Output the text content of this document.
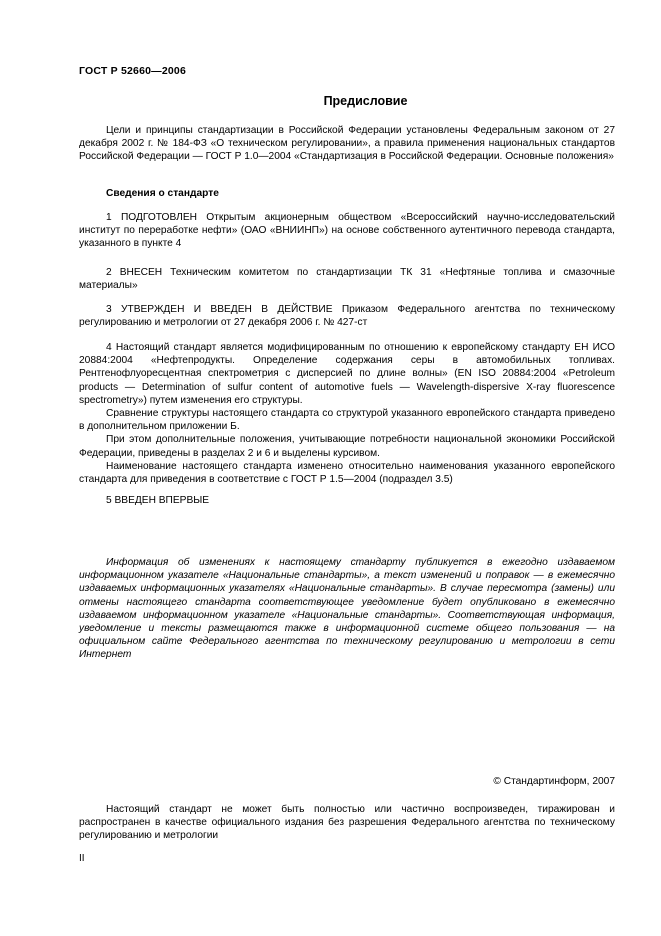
ГОСТ Р 52660—2006
Предисловие

Цели и принципы стандартизации в Российской Федерации установлены Федеральным законом от 27 декабря 2002 г. № 184-ФЗ «О техническом регулировании», а правила применения национальных стандартов Российской Федерации — ГОСТ Р 1.0—2004 «Стандартизация в Российской Федерации. Основные положения»

Сведения о стандарте

1 ПОДГОТОВЛЕН Открытым акционерным обществом «Всероссийский научно-исследовательский институт по переработке нефти» (ОАО «ВНИИНП») на основе собственного аутентичного перевода стандарта, указанного в пункте 4

2 ВНЕСЕН Техническим комитетом по стандартизации ТК 31 «Нефтяные топлива и смазочные материалы»

3 УТВЕРЖДЕН И ВВЕДЕН В ДЕЙСТВИЕ Приказом Федерального агентства по техническому регулированию и метрологии от 27 декабря 2006 г. № 427-ст

4 Настоящий стандарт является модифицированным по отношению к европейскому стандарту ЕН ИСО 20884:2004 «Нефтепродукты. Определение содержания серы в автомобильных топливах. Рентгенофлуоресцентная спектрометрия с дисперсией по длине волны» (EN ISO 20884:2004 «Petroleum products — Determination of sulfur content of automotive fuels — Wavelength-dispersive X-ray fluorescence spectrometry») путем изменения его структуры.

Сравнение структуры настоящего стандарта со структурой указанного европейского стандарта приведено в дополнительном приложении Б.

При этом дополнительные положения, учитывающие потребности национальной экономики Российской Федерации, приведены в разделах 2 и 6 и выделены курсивом.

Наименование настоящего стандарта изменено относительно наименования указанного европейского стандарта для приведения в соответствие с ГОСТ Р 1.5—2004 (подраздел 3.5)

5 ВВЕДЕН ВПЕРВЫЕ

Информация об изменениях к настоящему стандарту публикуется в ежегодно издаваемом информационном указателе «Национальные стандарты», а текст изменений и поправок — в ежемесячно издаваемых информационных указателях «Национальные стандарты». В случае пересмотра (замены) или отмены настоящего стандарта соответствующее уведомление будет опубликовано в ежемесячно издаваемом информационном указателе «Национальные стандарты». Соответствующая информация, уведомление и тексты размещаются также в информационной системе общего пользования — на официальном сайте Федерального агентства по техническому регулированию и метрологии в сети Интернет

© Стандартинформ, 2007

Настоящий стандарт не может быть полностью или частично воспроизведен, тиражирован и распространен в качестве официального издания без разрешения Федерального агентства по техническому регулированию и метрологии

II
